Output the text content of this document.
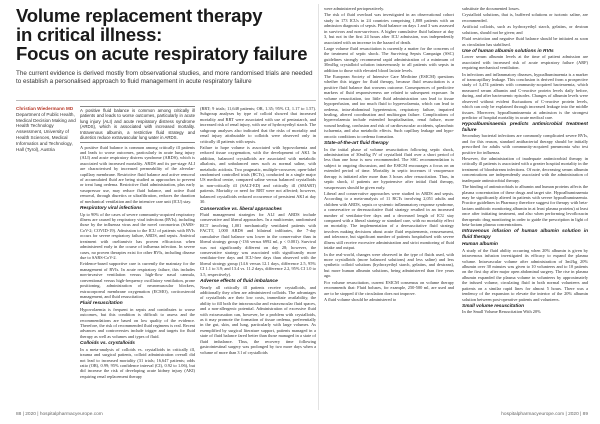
Volume replacement therapy
in critical illness:
Focus on acute respiratory failure
The current evidence is derived mostly from observational studies, and more randomised trials are needed to establish a personalised approach to fluid management in acute respiratory failure
Christian Wiedermann MD
Department of Public Health, Medical Decision Making and Health Technology Assessment, University of Health Sciences, Medical Informatics and Technology, Hall (Tyrol), Austria
A positive fluid balance is common among critically ill patients and leads to worse outcomes, particularly in acute lung injury (ALI) and acute respiratory distress syndrome (ARDS), which is associated with increased mortality. Intravenous albumin, a restrictive fluid strategy and diuretics reduce extravascular lung water in ARDS.

A positive fluid balance is common among critically ill patients and leads to worse outcomes, particularly in acute lung injury (ALI) and acute respiratory distress syndrome (ARDS), which is associated with increased mortality. ARDS and its pre-stage ALI are characterised by increased permeability of the alveolar-capillary membrane. Restrictive fluid balance and active removal of accumulated fluid are being studied as approaches to prevent or treat lung oedema. Restrictive fluid administration, plus early vasopressor use, may reduce fluid balance, and active fluid removal, through diuretics or ultrafiltration, reduces the duration of mechanical ventilation and the intensive care unit (ICU) stay.

Respiratory viral infections

Up to 90% of the cases of severe community-acquired respiratory illness are caused by respiratory viral infections (RVIs), including those by the influenza virus and the novel coronavirus (SARS-CoV-2; COVID-19). Admission to the ICU of patients with RVIs occurs for severe respiratory failure, ARDS, and sepsis. Antiviral treatment with oseltamivir has proven efficacious when administered early in the course of influenza infection. In severe cases, no proven therapies exist for other RVIs, including disease due to SARS-CoV-2.

Evidence-based supportive care is currently the mainstay for the management of RVIs. In acute respiratory failure, this includes non-invasive ventilation versus high-flow nasal cannula, conventional versus high-frequency oscillatory ventilation, prone positioning, administration of neuromuscular blockers, extracorporeal membrane oxygenation (ECMO), corticosteroid management, and fluid resuscitation.

Fluid resuscitation

Hypovolaemia is frequent in sepsis and contributes to worse outcomes, but this condition is difficult to assess and the recommendations are based on low quality of the evidence. Therefore, the risk of recommended fluid regimens is real. Recent advances and controversies include trigger and targets for fluid therapy as well as volumes and types of fluid.

Colloids vs. crystalloids

In a meta-analysis of colloids vs. crystalloids in critically ill, trauma and surgical patients, colloid administration overall did not lead to increased mortality (31 trials; 16,647 patients; odds ratio (OR), 0.99; 95% confidence interval (CI), 0.92 to 1.06), but did increase the risk of developing acute kidney injury (AKI) requiring renal replacement therapy

(RRT; 9 trials; 11,648 patients; OR, 1.35; 95% CI, 1.17 to 1.57). Subgroup analyses by type of colloid showed that increased mortality and RRT were associated with use of pentastarch, and increased risk of renal injury, with use of hydroxyethyl starch. The subgroup analyses also indicated that the risks of mortality and renal injury attributable to colloids were observed only in critically ill patients with sepsis.

Failure to hope volume is associated with hypovolaemia and reduced tissue oxygenation, with the development of AKI. In addition, balanced crystalloids are associated with metabolic alkalosis, and unbalanced ones such as normal saline, with metabolic acidosis. Two pragmatic, multiple-crossover, open-label randomised controlled trials (RCTs), conducted in a single major US medical centre, compared saline versus balanced crystalloids in non-critically ill (SALT-ED) and critically ill (SMART) patients. Mortality or need for RRT were not affected; however, balanced crystalloids reduced occurrence of persistent AKI at day 30.

Conservative vs. liberal approaches

Fluid management strategies for ALI and ARDS include conservative and liberal approaches. In a multicentre, randomised RCT involving 1,001 mechanically ventilated patients with FACTT, 1,000 ARDS and bilateral infiltrates, the 7-day cumulative fluid balance was lower in the conservative than in liberal strategy group (-136 versus 6992 ml, p < 0.001). Survival was not significantly different on day 28; however, the conservative strategy was associated with significantly more ventilator-free days and ICU-free days than observed with the liberal strategy group (14.6 versus 12.1 days, difference 2.5, 95% CI 1.1 to 3.9; and 13.4 vs. 11.2 days, difference 2.2, 95% CI 1.0 to 3.5, respectively).

Adverse effects of fluid imbalance

Nearly all critically ill patients receive crystalloids, and additionally they often are administered colloids. The advantages of crystalloids are their low costs, immediate availability, the ability to fill both the intravascular and extravascular fluid spaces, and a non-allergenic potential. Administration of excessive fluid with extravasation can, however, be a problem with crystalloids, as it may promote the formation of tissue oedema, preferentially in the gut, skin, and lung, particularly with large volumes. As exemplified by surgical literature support, patients managed in a state of fluid balance fared better than those managed in a state of fluid imbalance. Thus, the recovery time following gastrointestinal surgery was prolonged by two more days when a volume of more than 3 l of crystalloids

were administered perioperatively.

The risk of fluid overload was investigated in an observational cohort study in 173 ICUs in 24 countries comprising 1,808 patients with an admission diagnosis of sepsis. Fluid balance on days 1 and 3 was assessed in survivors and non-survivors. A higher cumulative fluid balance at day 3, but not in the first 24 hours after ICU admission, was independently associated with an increase in the hazard of death.

Large volume fluid resuscitation is currently a matter for the concerns of the treatment of septic shock. The Surviving Sepsis Campaign (SSC) guidelines strongly recommend rapid administration of a minimum of 30ml/kg crystalloid solution intravenously to all patients with sepsis in addition to those with elevated blood lactate levels.

The European Society of Intensive Care Medicine (ESICM) questions whether this trigger for fluid therapy, because fluid resuscitation is a positive fluid balance that worsens outcome. Consequences of predictive markers of fluid responsiveness are related to subsequent exposure. In volume resuscitation, too little fluid administration can lead to tissue hypoperfusion, and too much fluid to hypervolaemia, which can lead to oedema, intra-abdominal hypertension, respiratory failure, impaired healing, altered coordination and multiorgan failure. Complications of hypervolaemia include extended hospitalisation, renal failure, more wound healing, confusion and risk of cardiovascular accidents, splanchnic ischaemia, and also metabolic effects. Such capillary leakage and hypo-oncotic conditions to oedema formation.

State-of-the-art fluid therapy

In the initial phase of volume resuscitation following septic shock, administration of 30ml/kg IV of crystalloid fluid over a short period of less than one hour is now recommended. The SSC recommendation is subject to ongoing discussion, and the ESICM encourages a focus on an extended period of time. Mortality in septic increases if vasopressor therapy is initiated after more than 3 hours after resuscitation. Thus, in septic shock, if patients are hypotensive after initial fluid therapy, vasopressors should be given early.

Liberal and conservative approaches were studied in ARDS and sepsis. According to a meta-analysis of 11 RCTs involving 2,051 adults and children with ARDS, sepsis or systemic inflammatory response syndrome, a conservative or deresuscitative fluid strategy resulted in an increased number of ventilator-free days and a decreased length of ICU stay compared with a liberal strategy or standard care, with no mortality effect on mortality. The implementation of a deresuscitative fluid strategy involves making decisions about acute fluid requirements, reassessment, and tolerance, but significant number of patients hospitalised with severe illness still receive excessive administration and strict monitoring of fluid intake and output.

In the real-world, changes were observed in the type of fluids used, with more crystalloids (more balanced solutions) and less saline) and less synthetic colloid solutions (hydroxyethyl starch, gelatins, and dextrans), but more human albumin solutions, being administered than five years ago.

For volume resuscitation, current ESICM consensus on volume therapy recommends that: Fluid boluses, for example, 250-500 ml, are used and are to be stopped if the circulation does not improve.

A fluid volume should be administered to

substitute the documented losses.

Crystalloid solutions, that is, buffered solutions or isotonic saline, are recommended.

Artificial colloids, such as hydroxyethyl starch, gelatins, or dextran solutions, should not be given; and

Fluid restriction and negative fluid balance should be initiated as soon as circulation has stabilised.

Use of human albumin solutions in RVIs

Lower serum albumin levels at the time of patient admission are associated with increased risk of acute respiratory failure (ARF) requiring mechanical ventilation.

In infections and inflammatory diseases, hypoalbuminaemia is a marker of transcapillary leakage. This conclusion is derived from a prospective study of 3,474 patients with community-acquired bacteraemia, which measured serum albumin and C-reactive protein levels daily before, during, and after bacteraemic episodes. Changes of albumin levels were observed without evident fluctuations of C-reactive protein levels, which can only be explained through increased leakage into the middle tissues. Moreover, hypoalbuminaemia at admission is the strongest predictor of hospital mortality in acute medical care.

Hypoalbuminaemia predicts antimicrobial treatment failure

Secondary bacterial infections are commonly complicated severe RVIs, and for this reason, standard antibacterial therapy should be initially prescribed for adults with community-acquired pneumonia who test positive for influenza.

However, the administration of inadequate antimicrobial therapy in critically ill patients is associated with a greater hospital mortality in the treatment of bloodstream infections. Of note, decreasing serum albumin concentrations are independently associated with the administration of inadequate antimicrobial therapy.

The binding of antimicrobials to albumin and human proteins affects the plasma concentration of these drugs and target site. Hypoalbuminaemia may be significantly altered in patients with severe hypoalbuminaemia. Practice guidelines in Pharmacy therefore suggest for therapy with beta-lactam antibiotic monitoring albumin in at least plasma proteins) at least once after initiating treatment, and also when performing levofloxacin therapeutic drug monitoring in order to guide the prescription in light of beta-lactam plasma concentrations.

Intravenous infusion of human albumin solution in fluid therapy
Human albumin

A study of the fluid ability occurring when 20% albumin is given by intravenous infusion investigated its efficacy to expand the plasma volume. Intravascular volume after administration of 3ml/kg 20% albumin over 30 minutes was given to 10 volunteers and to 10 patients on the first day after major open abdominal surgery. The rise in plasma albumin expanded the plasma volume in volunteers by approximately the infused volume, circulating fluid in both normal volunteers and patients on a similar rapid lines for almost 5 hours. There was a tendency of the expansion to elevate the interior of the 20% albumin solution between post-operative patients and volunteers.

Small volume resuscitation

In the Small Volume Resuscitation With 20%

88 | 2020 | hospitalpharmacyeurope.com	hospitalpharmacyeurope.com | 2020 | 89
